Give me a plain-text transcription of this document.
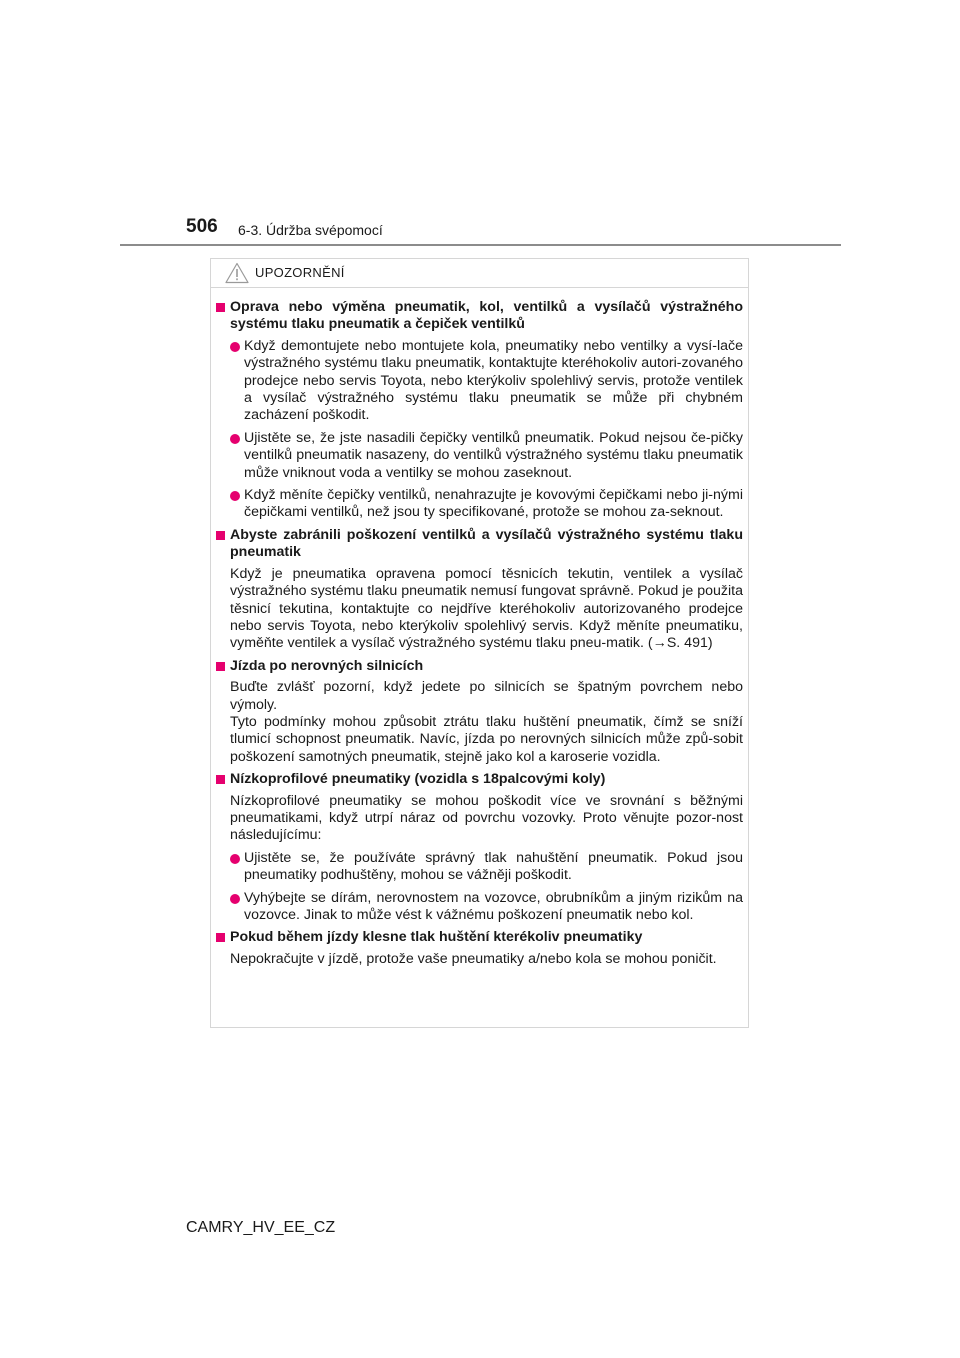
506 6-3. Údržba svépomocí
UPOZORNĚNÍ
Oprava nebo výměna pneumatik, kol, ventilků a vysílačů výstražného systému tlaku pneumatik a čepiček ventilků
Když demontujete nebo montujete kola, pneumatiky nebo ventilky a vysí-lače výstražného systému tlaku pneumatik, kontaktujte kteréhokoliv autori-zovaného prodejce nebo servis Toyota, nebo kterýkoliv spolehlivý servis, protože ventilek a vysílač výstražného systému tlaku pneumatik se může při chybném zacházení poškodit.
Ujistěte se, že jste nasadili čepičky ventilků pneumatik. Pokud nejsou če-pičky ventilků pneumatik nasazeny, do ventilků výstražného systému tlaku pneumatik může vniknout voda a ventilky se mohou zaseknout.
Když měníte čepičky ventilků, nenahrazujte je kovovými čepičkami nebo ji-nými čepičkami ventilků, než jsou ty specifikované, protože se mohou za-seknout.
Abyste zabránili poškození ventilků a vysílačů výstražného systému tlaku pneumatik
Když je pneumatika opravena pomocí těsnicích tekutin, ventilek a vysílač výstražného systému tlaku pneumatik nemusí fungovat správně. Pokud je použita těsnicí tekutina, kontaktujte co nejdříve kteréhokoliv autorizovaného prodejce nebo servis Toyota, nebo kterýkoliv spolehlivý servis. Když měníte pneumatiku, vyměňte ventilek a vysílač výstražného systému tlaku pneu-matik. (→S. 491)
Jízda po nerovných silnicích
Buďte zvlášť pozorní, když jedete po silnicích se špatným povrchem nebo výmoly.
Tyto podmínky mohou způsobit ztrátu tlaku huštění pneumatik, čímž se sníží tlumicí schopnost pneumatik. Navíc, jízda po nerovných silnicích může způ-sobit poškození samotných pneumatik, stejně jako kol a karoserie vozidla.
Nízkoprofilové pneumatiky (vozidla s 18palcovými koly)
Nízkoprofilové pneumatiky se mohou poškodit více ve srovnání s běžnými pneumatikami, když utrpí náraz od povrchu vozovky. Proto věnujte pozor-nost následujícímu:
Ujistěte se, že používáte správný tlak nahuštění pneumatik. Pokud jsou pneumatiky podhuštěny, mohou se vážněji poškodit.
Vyhýbejte se dírám, nerovnostem na vozovce, obrubníkům a jiným rizikům na vozovce. Jinak to může vést k vážnému poškození pneumatik nebo kol.
Pokud během jízdy klesne tlak huštění kterékoliv pneumatiky
Nepokračujte v jízdě, protože vaše pneumatiky a/nebo kola se mohou poničit.
CAMRY_HV_EE_CZ
